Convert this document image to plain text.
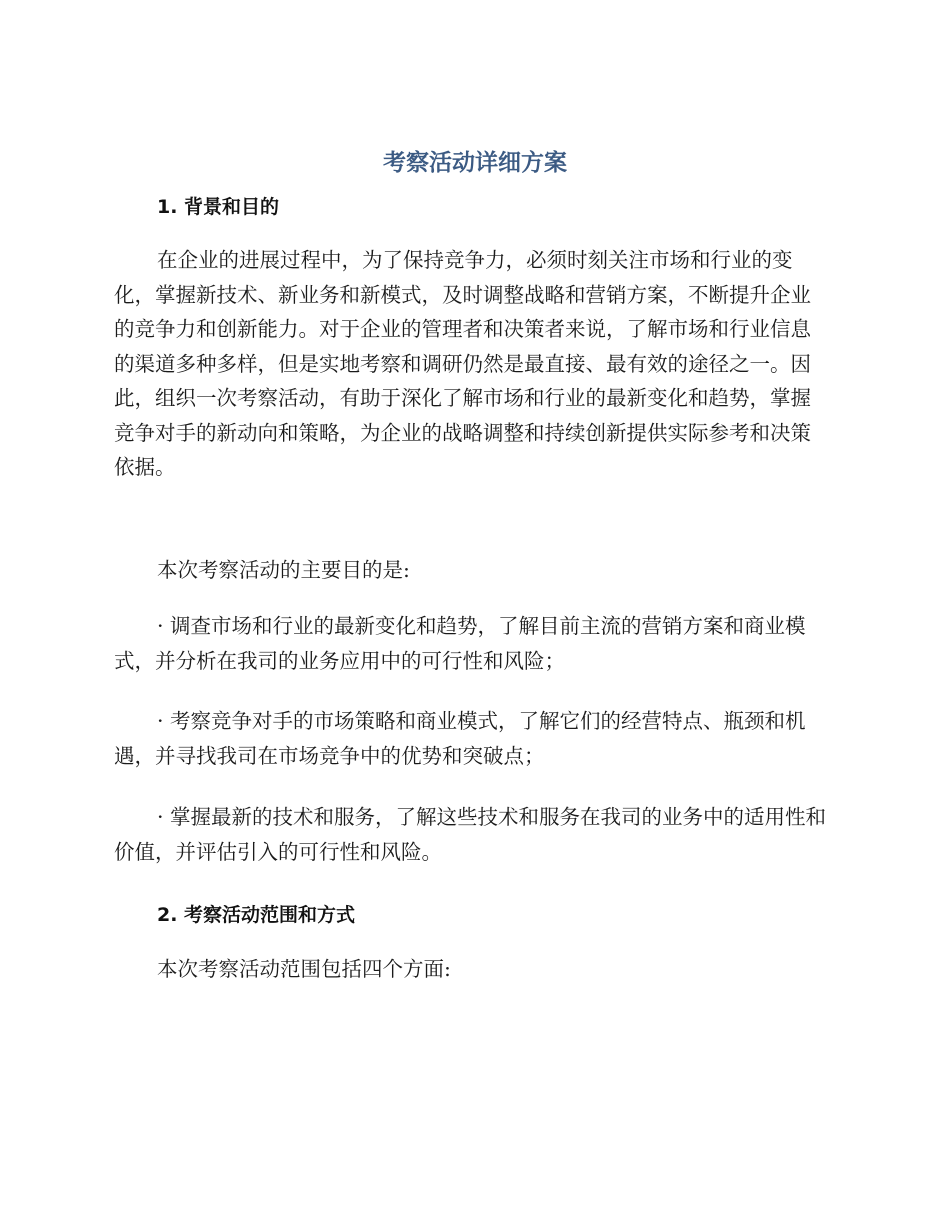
考察活动详细方案
1. 背景和目的

在企业的进展过程中，为了保持竞争力，必须时刻关注市场和行业的变化，掌握新技术、新业务和新模式，及时调整战略和营销方案，不断提升企业的竞争力和创新能力。对于企业的管理者和决策者来说，了解市场和行业信息的渠道多种多样，但是实地考察和调研仍然是最直接、最有效的途径之一。因此，组织一次考察活动，有助于深化了解市场和行业的最新变化和趋势，掌握竞争对手的新动向和策略，为企业的战略调整和持续创新提供实际参考和决策依据。

本次考察活动的主要目的是:

· 调查市场和行业的最新变化和趋势，了解目前主流的营销方案和商业模式，并分析在我司的业务应用中的可行性和风险；

· 考察竞争对手的市场策略和商业模式，了解它们的经营特点、瓶颈和机遇，并寻找我司在市场竞争中的优势和突破点；

· 掌握最新的技术和服务，了解这些技术和服务在我司的业务中的适用性和价值，并评估引入的可行性和风险。

2. 考察活动范围和方式

本次考察活动范围包括四个方面:
